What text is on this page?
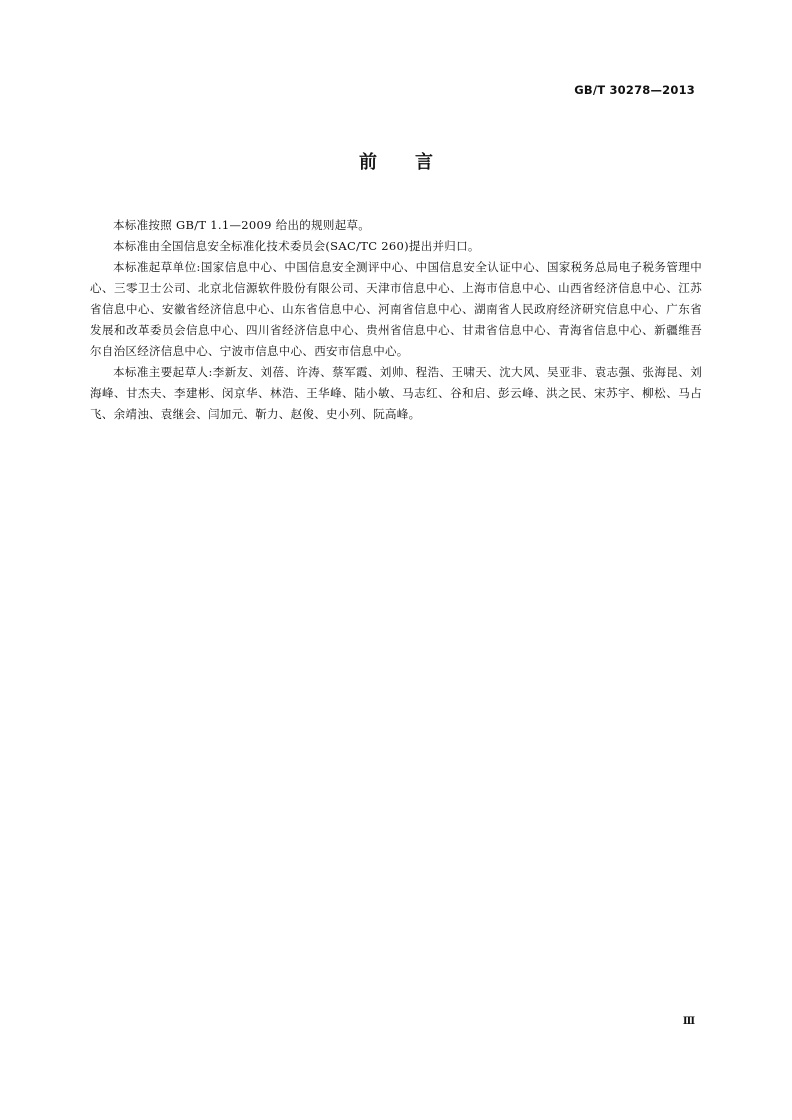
GB/T 30278—2013
前言

本标准按照 GB/T 1.1—2009 给出的规则起草。

本标准由全国信息安全标准化技术委员会(SAC/TC 260)提出并归口。

本标准起草单位:国家信息中心、中国信息安全测评中心、中国信息安全认证中心、国家税务总局电子税务管理中心、三零卫士公司、北京北信源软件股份有限公司、天津市信息中心、上海市信息中心、山西省经济信息中心、江苏省信息中心、安徽省经济信息中心、山东省信息中心、河南省信息中心、湖南省人民政府经济研究信息中心、广东省发展和改革委员会信息中心、四川省经济信息中心、贵州省信息中心、甘肃省信息中心、青海省信息中心、新疆维吾尔自治区经济信息中心、宁波市信息中心、西安市信息中心。

本标准主要起草人:李新友、刘蓓、许涛、蔡军霞、刘帅、程浩、王啸天、沈大风、吴亚非、袁志强、张海昆、刘海峰、甘杰夫、李建彬、闵京华、林浩、王华峰、陆小敏、马志红、谷和启、彭云峰、洪之民、宋苏宇、柳松、马占飞、余靖浊、袁继会、闫加元、靳力、赵俊、史小列、阮高峰。

Ⅲ
